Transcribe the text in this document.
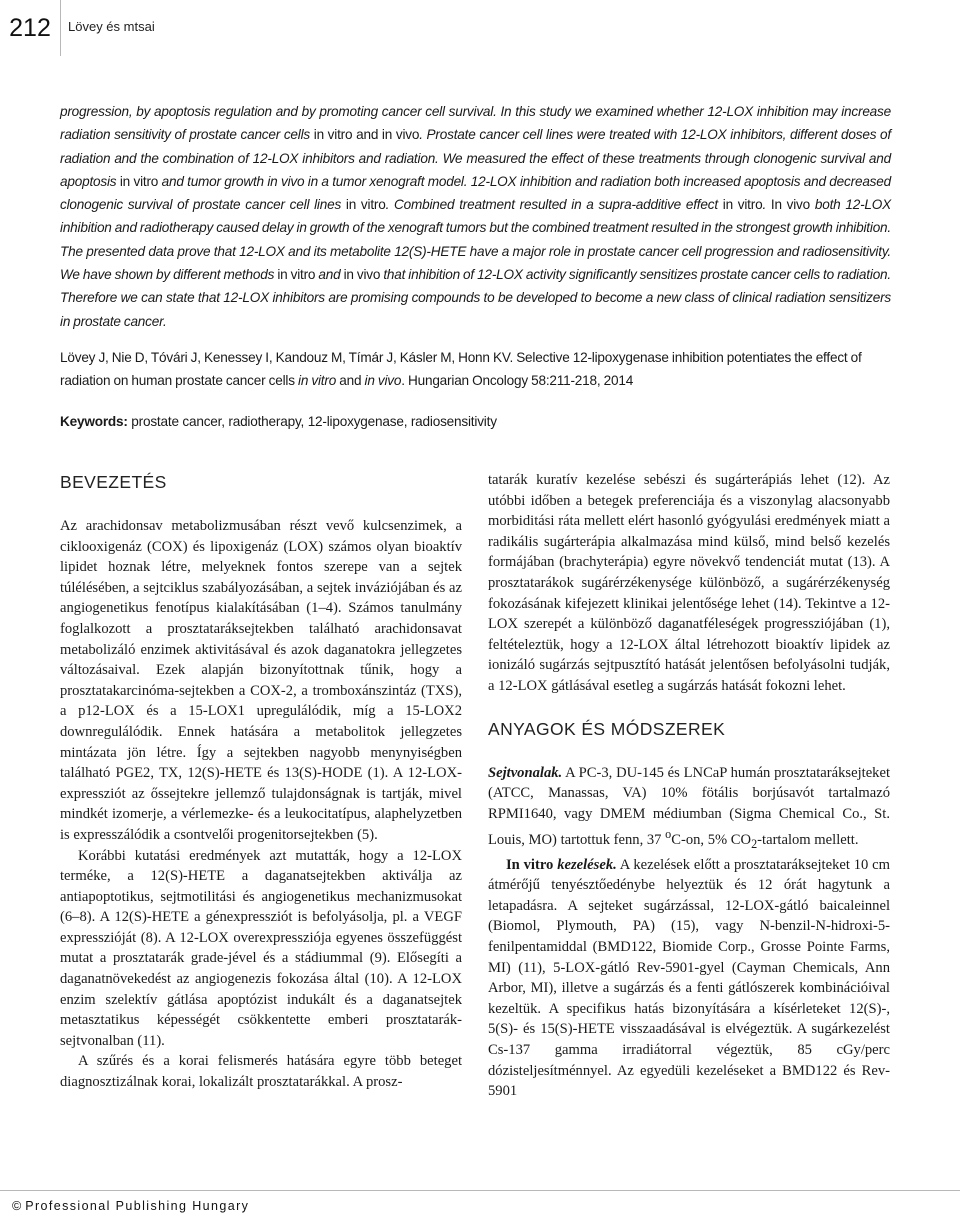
212	Lövey és mtsai

progression, by apoptosis regulation and by promoting cancer cell survival. In this study we examined whether 12-LOX inhibition may increase radiation sensitivity of prostate cancer cells in vitro and in vivo. Prostate cancer cell lines were treated with 12-LOX inhibitors, different doses of radiation and the combination of 12-LOX inhibitors and radiation. We measured the effect of these treatments through clonogenic survival and apoptosis in vitro and tumor growth in vivo in a tumor xenograft model. 12-LOX inhibition and radiation both increased apoptosis and decreased clonogenic survival of prostate cancer cell lines in vitro. Combined treatment resulted in a supra-additive effect in vitro. In vivo both 12-LOX inhibition and radiotherapy caused delay in growth of the xenograft tumors but the combined treatment resulted in the strongest growth inhibition. The presented data prove that 12-LOX and its metabolite 12(S)-HETE have a major role in prostate cancer cell progression and radiosensitivity. We have shown by different methods in vitro and in vivo that inhibition of 12-LOX activity significantly sensitizes prostate cancer cells to radiation. Therefore we can state that 12-LOX inhibitors are promising compounds to be developed to become a new class of clinical radiation sensitizers in prostate cancer.

Lövey J, Nie D, Tóvári J, Kenessey I, Kandouz M, Tímár J, Kásler M, Honn KV. Selective 12-lipoxygenase inhibition potentiates the effect of radiation on human prostate cancer cells in vitro and in vivo. Hungarian Oncology 58:211-218, 2014

Keywords: prostate cancer, radiotherapy, 12-lipoxygenase, radiosensitivity

BEVEZETÉS

Az arachidonsav metabolizmusában részt vevő kulcsenzimek, a ciklooxigenáz (COX) és lipoxigenáz (LOX) számos olyan bioaktív lipidet hoznak létre, melyeknek fontos szerepe van a sejtek túlélésében, a sejtciklus szabályozásában, a sejtek inváziójában és az angiogenetikus fenotípus kialakításában (1–4). Számos tanulmány foglalkozott a prosztataráksejtekben található arachidonsavat metabolizáló enzimek aktivitásával és azok daganatokra jellegzetes változásaival. Ezek alapján bizonyítottnak tűnik, hogy a prosztatakarcinóma-sejtekben a COX-2, a tromboxánszintáz (TXS), a p12-LOX és a 15-LOX1 upregulálódik, míg a 15-LOX2 downregulálódik. Ennek hatására a metabolitok jellegzetes mintázata jön létre. Így a sejtekben nagyobb menynyiségben található PGE2, TX, 12(S)-HETE és 13(S)-HODE (1). A 12-LOX-expressziót az őssejtekre jellemző tulajdonságnak is tartják, mivel mindkét izomerje, a vérlemezke- és a leukocitatípus, alaphelyzetben is expresszálódik a csontvelői progenitorsejtekben (5).

Korábbi kutatási eredmények azt mutatták, hogy a 12-LOX terméke, a 12(S)-HETE a daganatsejtekben aktiválja az antiapoptotikus, sejtmotilitási és angiogenetikus mechanizmusokat (6–8). A 12(S)-HETE a génexpressziót is befolyásolja, pl. a VEGF expresszióját (8). A 12-LOX overexpressziója egyenes összefüggést mutat a prosztatarák grade-jével és a stádiummal (9). Elősegíti a daganatnövekedést az angiogenezis fokozása által (10). A 12-LOX enzim szelektív gátlása apoptózist indukált és a daganatsejtek metasztatikus képességét csökkentette emberi prosztatarák-sejtvonalban (11).

A szűrés és a korai felismerés hatására egyre több beteget diagnosztizálnak korai, lokalizált prosztatarákkal. A prosz-

tatarák kuratív kezelése sebészi és sugárterápiás lehet (12). Az utóbbi időben a betegek preferenciája és a viszonylag alacsonyabb morbiditási ráta mellett elért hasonló gyógyulási eredmények miatt a radikális sugárterápia alkalmazása mind külső, mind belső kezelés formájában (brachyterápia) egyre növekvő tendenciát mutat (13). A prosztatarákok sugárérzékenysége különböző, a sugárérzékenység fokozásának kifejezett klinikai jelentősége lehet (14). Tekintve a 12-LOX szerepét a különböző daganatféleségek progressziójában (1), feltételeztük, hogy a 12-LOX által létrehozott bioaktív lipidek az ionizáló sugárzás sejtpusztító hatását jelentősen befolyásolni tudják, a 12-LOX gátlásával esetleg a sugárzás hatását fokozni lehet.

ANYAGOK ÉS MÓDSZEREK

Sejtvonalak. A PC-3, DU-145 és LNCaP humán prosztataráksejteket (ATCC, Manassas, VA) 10% fötális borjúsavót tartalmazó RPMI1640, vagy DMEM médiumban (Sigma Chemical Co., St. Louis, MO) tartottuk fenn, 37 $^o$C-on, 5% $CO_2$-tartalom mellett.

In vitro kezelések. A kezelések előtt a prosztataráksejteket 10 cm átmérőjű tenyésztőedénybe helyeztük és 12 órát hagytunk a letapadásra. A sejteket sugárzással, 12-LOX-gátló baicaleinnel (Biomol, Plymouth, PA) (15), vagy N-benzil-N-hidroxi-5-fenilpentamiddal (BMD122, Biomide Corp., Grosse Pointe Farms, MI) (11), 5-LOX-gátló Rev-5901-gyel (Cayman Chemicals, Ann Arbor, MI), illetve a sugárzás és a fenti gátlószerek kombinációival kezeltük. A specifikus hatás bizonyítására a kísérleteket 12(S)-, 5(S)- és 15(S)-HETE visszaadásával is elvégeztük. A sugárkezelést Cs-137 gamma irradiátorral végeztük, 85 cGy/perc dózisteljesítménnyel. Az egyedüli kezeléseket a BMD122 és Rev-5901

© Professional Publishing Hungary
